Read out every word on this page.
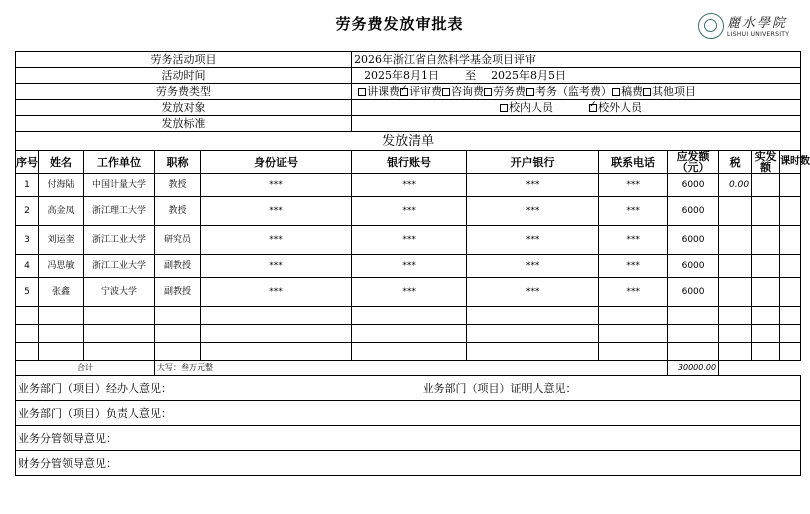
劳务费发放审批表	麗水學院
LISHUI UNIVERSITY
劳务活动项目					2026年浙江省自然科学基金项目评审						
活动时间					2025年8月1日 至 2025年8月5日						
劳务费类型					讲课费 ✓ 评审费 咨询费 劳务费 考务（监考费） 稿费 其他项目
发放对象					校内人员 ✓ 校外人员
发放标准											
发放清单											

序号	姓名	工作单位	职称	身份证号	银行账号	开户银行	联系电话	应发额（元）	税	实发额	课时数
1	付海陆	中国计量大学	教授	***	***	***	***	6000	0.00		
2	高金凤	浙江理工大学	教授	***	***	***	***	6000			
3	刘运奎	浙江工业大学	研究员	***	***	***	***	6000			
4	冯思敏	浙江工业大学	副教授	***	***	***	***	6000			
5	张鑫	宁波大学	副教授	***	***	***	***	6000			

合计			大写：叁万元整					30000.00			
业务部门（项目）经办人意见：						业务部门（项目）证明人意见：					
业务部门（项目）负责人意见：											
业务分管领导意见：											
财务分管领导意见：											
